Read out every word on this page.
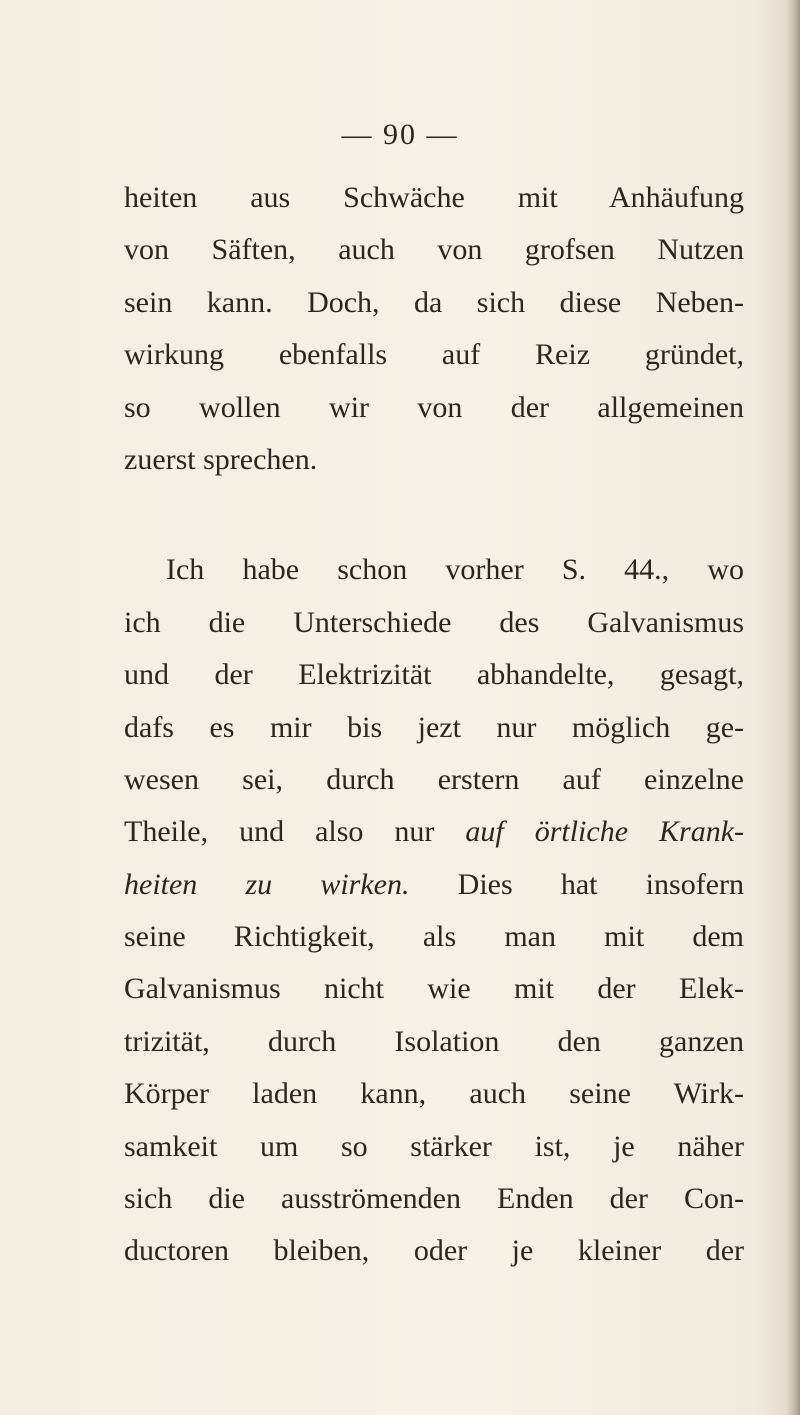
— 90 —
heiten aus Schwäche mit Anhäufung
von Säften, auch von grofsen Nutzen
sein kann. Doch, da sich diese Neben-
wirkung ebenfalls auf Reiz gründet,
so wollen wir von der allgemeinen
zuerst sprechen.
Ich habe schon vorher S. 44., wo
ich die Unterschiede des Galvanismus
und der Elektrizität abhandelte, gesagt,
dafs es mir bis jezt nur möglich ge-
wesen sei, durch erstern auf einzelne
Theile, und also nur auf örtliche Krank-
heiten zu wirken. Dies hat insofern
seine Richtigkeit, als man mit dem
Galvanismus nicht wie mit der Elek-
trizität, durch Isolation den ganzen
Körper laden kann, auch seine Wirk-
samkeit um so stärker ist, je näher
sich die ausströmenden Enden der Con-
ductoren bleiben, oder je kleiner der
